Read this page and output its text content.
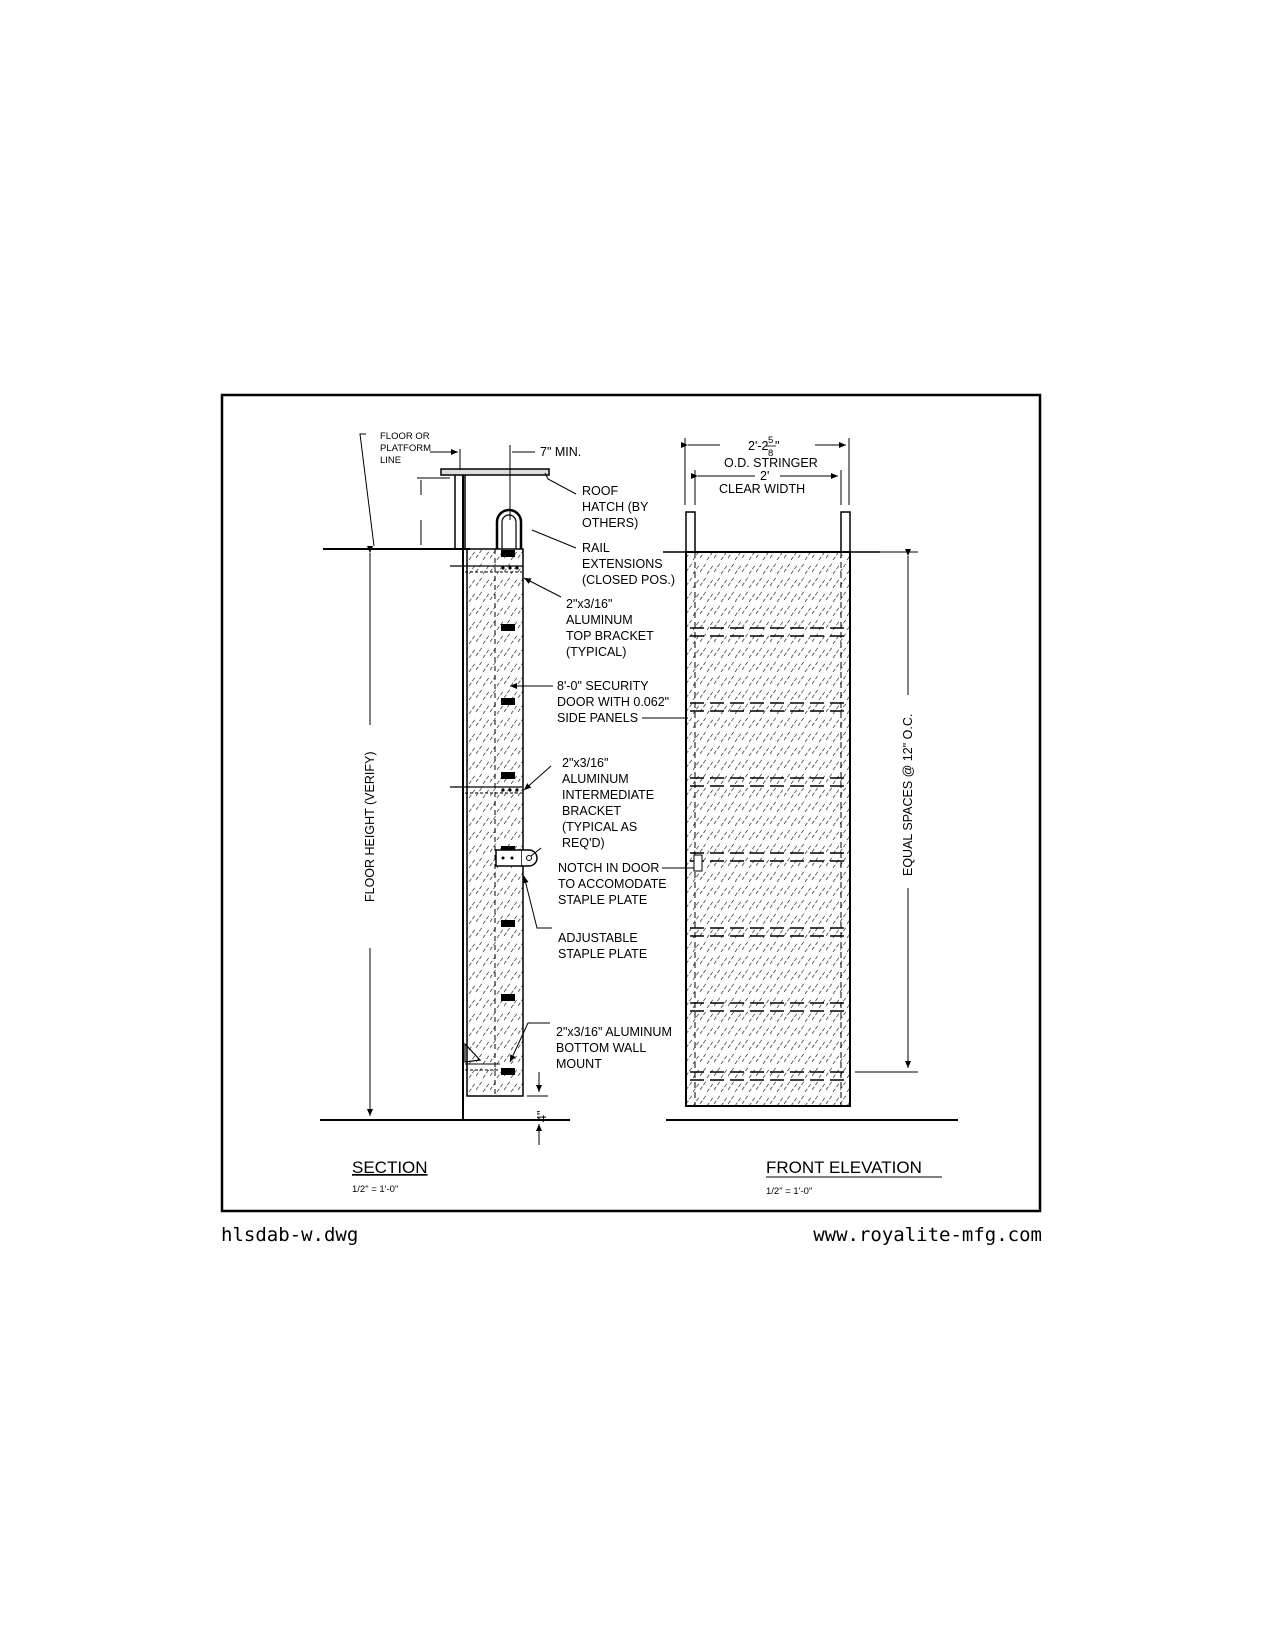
FLOOR OR
PLATFORM
LINE
7" MIN.
ROOF
HATCH (BY
OTHERS)
RAIL
EXTENSIONS
(CLOSED POS.)
2"x3/16"
ALUMINUM
TOP BRACKET
(TYPICAL)
8'-0" SECURITY
DOOR WITH 0.062"
SIDE PANELS
2"x3/16"
ALUMINUM
INTERMEDIATE
BRACKET
(TYPICAL AS
REQ'D)
NOTCH IN DOOR
TO ACCOMODATE
STAPLE PLATE
ADJUSTABLE
STAPLE PLATE
2"x3/16" ALUMINUM
BOTTOM WALL
MOUNT
FLOOR HEIGHT (VERIFY)
4"
SECTION
1/2" = 1'-0"
2'-2 5
8
"
O.D. STRINGER
2'
CLEAR WIDTH
EQUAL SPACES @ 12" O.C.
FRONT ELEVATION
1/2" = 1'-0"
hlsdab-w.dwg	www.royalite-mfg.com
